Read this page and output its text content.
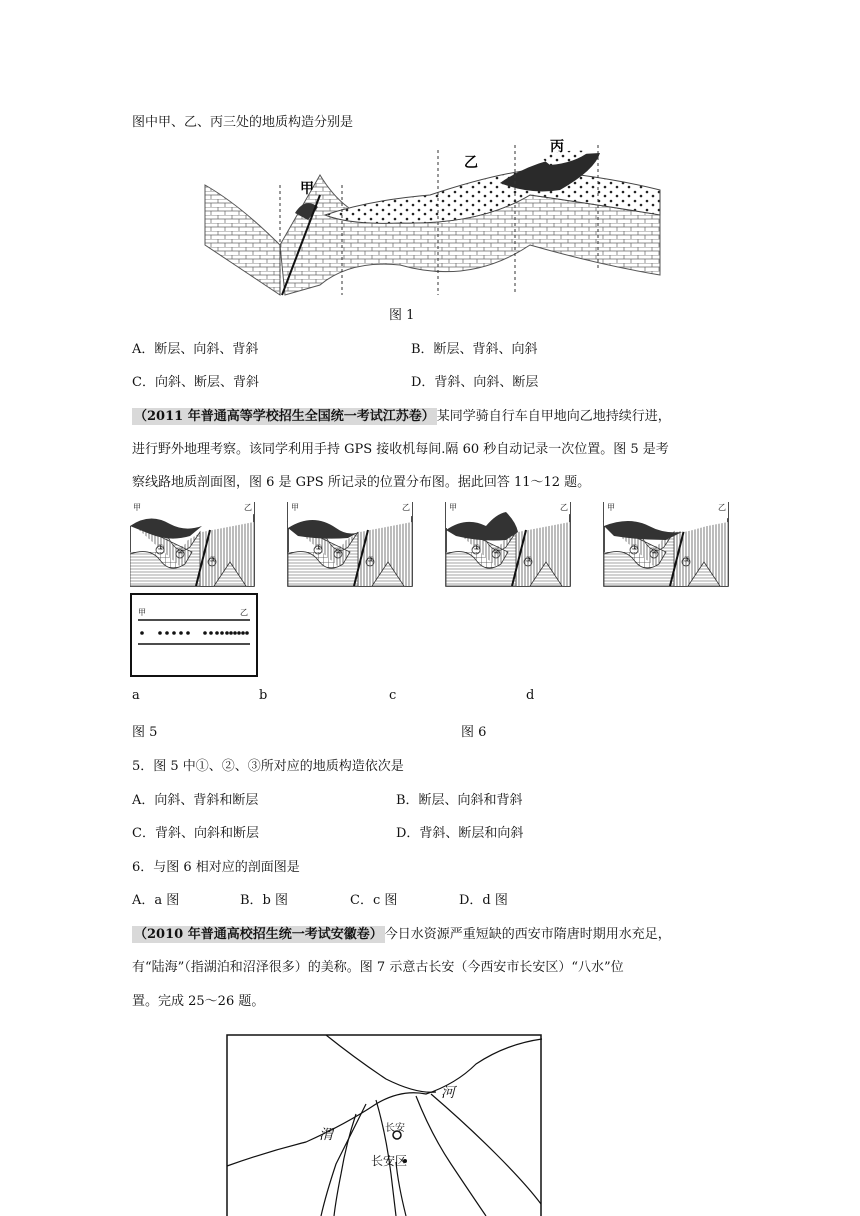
图中甲、乙、丙三处的地质构造分别是
甲
乙
丙
图 1
A．断层、向斜、背斜	B．断层、背斜、向斜
C．向斜、断层、背斜	D．背斜、向斜、断层
（2011 年普通高等学校招生全国统一考试江苏卷） 某同学骑自行车自甲地向乙地持续行进，
进行野外地理考察。该同学利用手持 GPS 接收机每间.隔 60 秒自动记录一次位置。图 5 是考
察线路地质剖面图，图 6 是 GPS 所记录的位置分布图。据此回答 11～12 题。
甲	乙	甲	乙	甲	乙	甲	乙
① ②
③
① ②
③
① ②
③
① ②
③
甲	乙
a	b	c	d
图 5	图 6
5．图 5 中①、②、③所对应的地质构造依次是
A．向斜、背斜和断层	B．断层、向斜和背斜
C．背斜、向斜和断层	D．背斜、断层和向斜
6．与图 6 相对应的剖面图是
A．a 图	B．b 图	C．c 图	D．d 图
（2010 年普通高校招生统一考试安徽卷） 今日水资源严重短缺的西安市隋唐时期用水充足，
有“陆海”（指湖泊和沼泽很多）的美称。图 7 示意古长安（今西安市长安区）“八水”位
置。完成 25～26 题。
河
渭	长安
长安区
